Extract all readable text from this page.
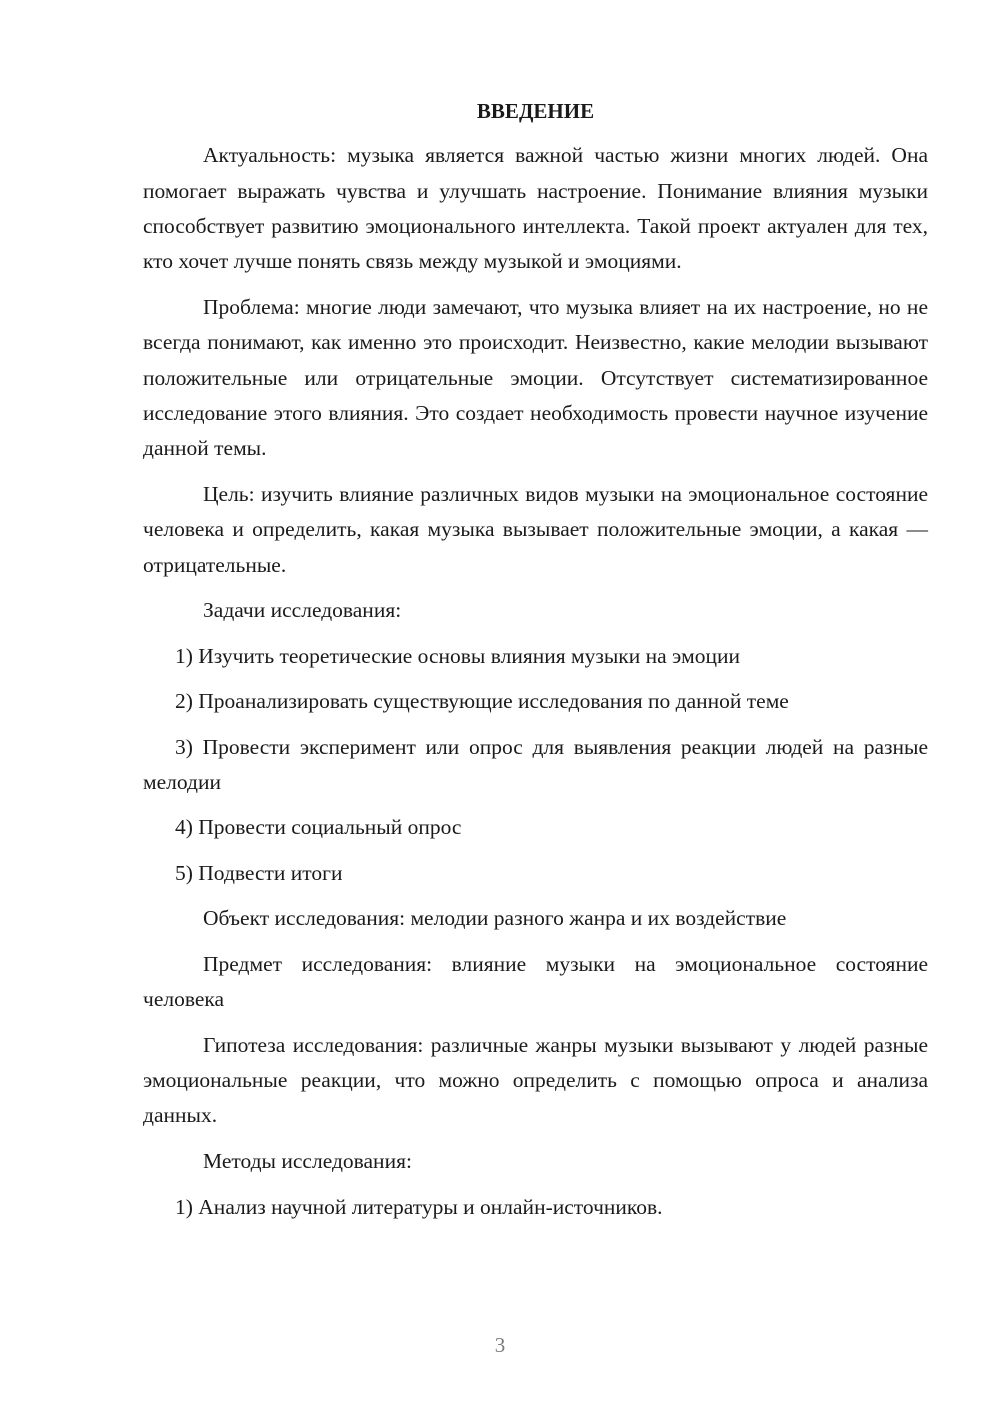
ВВЕДЕНИЕ

Актуальность: музыка является важной частью жизни многих людей. Она помогает выражать чувства и улучшать настроение. Понимание влияния музыки способствует развитию эмоционального интеллекта. Такой проект актуален для тех, кто хочет лучше понять связь между музыкой и эмоциями.

Проблема: многие люди замечают, что музыка влияет на их настроение, но не всегда понимают, как именно это происходит. Неизвестно, какие мелодии вызывают положительные или отрицательные эмоции. Отсутствует систематизированное исследование этого влияния. Это создает необходимость провести научное изучение данной темы.

Цель: изучить влияние различных видов музыки на эмоциональное состояние человека и определить, какая музыка вызывает положительные эмоции, а какая — отрицательные.

Задачи исследования:

1) Изучить теоретические основы влияния музыки на эмоции

2) Проанализировать существующие исследования по данной теме

3) Провести эксперимент или опрос для выявления реакции людей на разные мелодии

4) Провести социальный опрос

5) Подвести итоги

Объект исследования: мелодии разного жанра и их воздействие

Предмет исследования: влияние музыки на эмоциональное состояние человека

Гипотеза исследования: различные жанры музыки вызывают у людей разные эмоциональные реакции, что можно определить с помощью опроса и анализа данных.

Методы исследования:

1) Анализ научной литературы и онлайн-источников.

3
